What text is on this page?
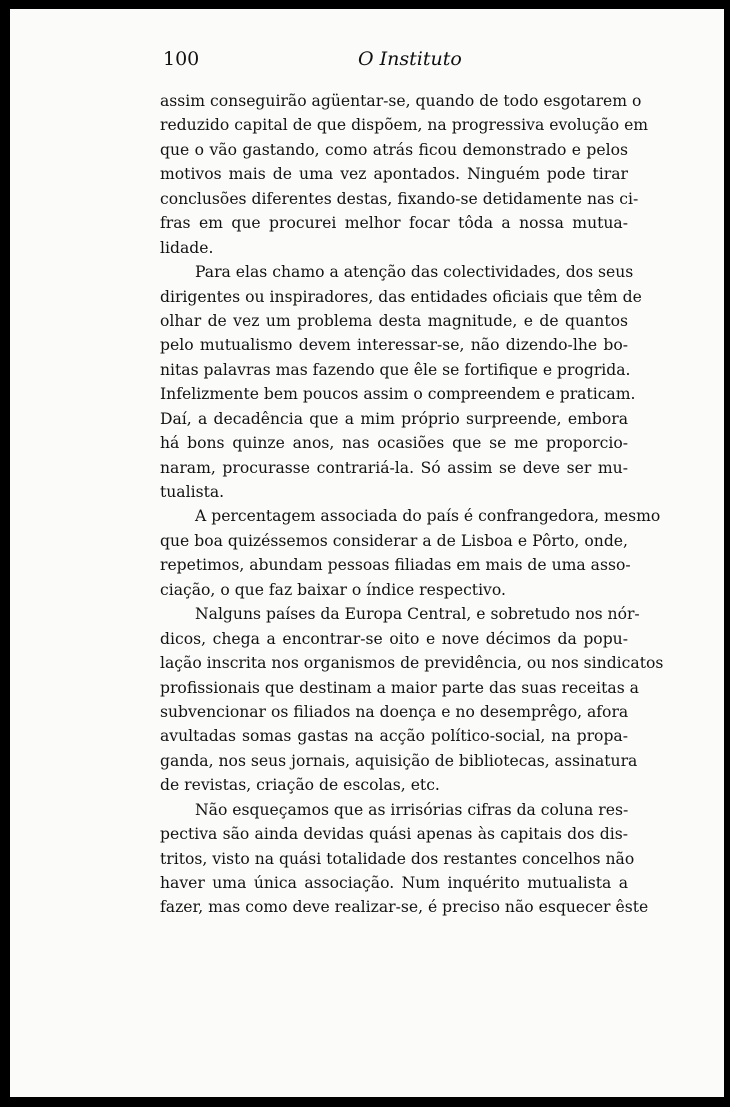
100	O Instituto
assim conseguirão agüentar-se, quando de todo esgotarem o
reduzido capital de que dispõem, na progressiva evolução em
que o vão gastando, como atrás ficou demonstrado e pelos
motivos mais de uma vez apontados. Ninguém pode tirar
conclusões diferentes destas, fixando-se detidamente nas ci-
fras em que procurei melhor focar tôda a nossa mutua-
lidade.
Para elas chamo a atenção das colectividades, dos seus
dirigentes ou inspiradores, das entidades oficiais que têm de
olhar de vez um problema desta magnitude, e de quantos
pelo mutualismo devem interessar-se, não dizendo-lhe bo-
nitas palavras mas fazendo que êle se fortifique e progrida.
Infelizmente bem poucos assim o compreendem e praticam.
Daí, a decadência que a mim próprio surpreende, embora
há bons quinze anos, nas ocasiões que se me proporcio-
naram, procurasse contrariá-la. Só assim se deve ser mu-
tualista.
A percentagem associada do país é confrangedora, mesmo
que boa quizéssemos considerar a de Lisboa e Pôrto, onde,
repetimos, abundam pessoas filiadas em mais de uma asso-
ciação, o que faz baixar o índice respectivo.
Nalguns países da Europa Central, e sobretudo nos nór-
dicos, chega a encontrar-se oito e nove décimos da popu-
lação inscrita nos organismos de previdência, ou nos sindicatos
profissionais que destinam a maior parte das suas receitas a
subvencionar os filiados na doença e no desemprêgo, afora
avultadas somas gastas na acção político-social, na propa-
ganda, nos seus jornais, aquisição de bibliotecas, assinatura
de revistas, criação de escolas, etc.
Não esqueçamos que as irrisórias cifras da coluna res-
pectiva são ainda devidas quási apenas às capitais dos dis-
tritos, visto na quási totalidade dos restantes concelhos não
haver uma única associação. Num inquérito mutualista a
fazer, mas como deve realizar-se, é preciso não esquecer êste
